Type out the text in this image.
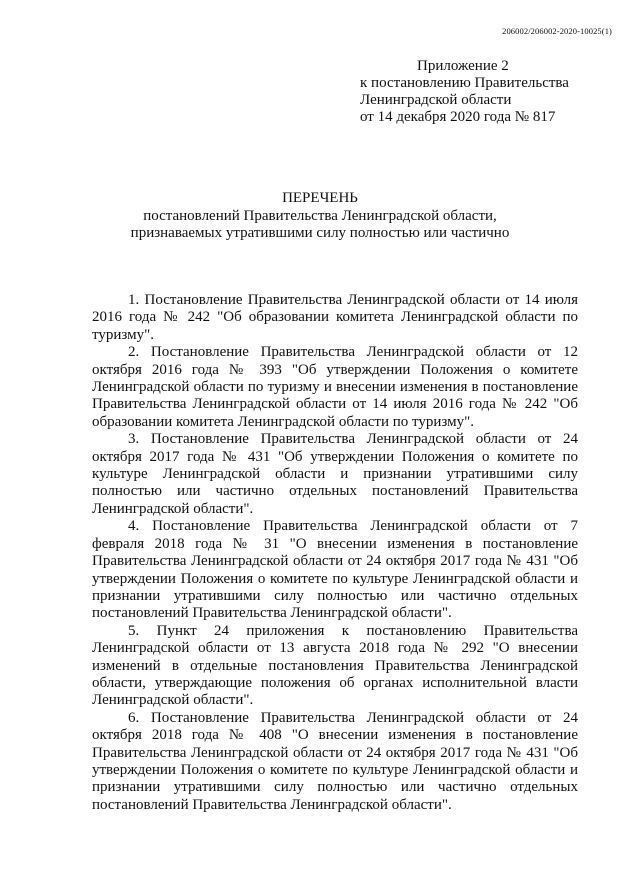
206002/206002-2020-10025(1)
Приложение 2
к постановлению Правительства
Ленинградской области
от 14 декабря 2020 года № 817
ПЕРЕЧЕНЬ
постановлений Правительства Ленинградской области,
признаваемых утратившими силу полностью или частично

1. Постановление Правительства Ленинградской области от 14 июля 2016 года № 242 "Об образовании комитета Ленинградской области по туризму".

2. Постановление Правительства Ленинградской области от 12 октября 2016 года № 393 "Об утверждении Положения о комитете Ленинградской области по туризму и внесении изменения в постановление Правительства Ленинградской области от 14 июля 2016 года № 242 "Об образовании комитета Ленинградской области по туризму".

3. Постановление Правительства Ленинградской области от 24 октября 2017 года № 431 "Об утверждении Положения о комитете по культуре Ленинградской области и признании утратившими силу полностью или частично отдельных постановлений Правительства Ленинградской области".

4. Постановление Правительства Ленинградской области от 7 февраля 2018 года № 31 "О внесении изменения в постановление Правительства Ленинградской области от 24 октября 2017 года № 431 "Об утверждении Положения о комитете по культуре Ленинградской области и признании утратившими силу полностью или частично отдельных постановлений Правительства Ленинградской области".

5. Пункт 24 приложения к постановлению Правительства Ленинградской области от 13 августа 2018 года № 292 "О внесении изменений в отдельные постановления Правительства Ленинградской области, утверждающие положения об органах исполнительной власти Ленинградской области".

6. Постановление Правительства Ленинградской области от 24 октября 2018 года № 408 "О внесении изменения в постановление Правительства Ленинградской области от 24 октября 2017 года № 431 "Об утверждении Положения о комитете по культуре Ленинградской области и признании утратившими силу полностью или частично отдельных постановлений Правительства Ленинградской области".
